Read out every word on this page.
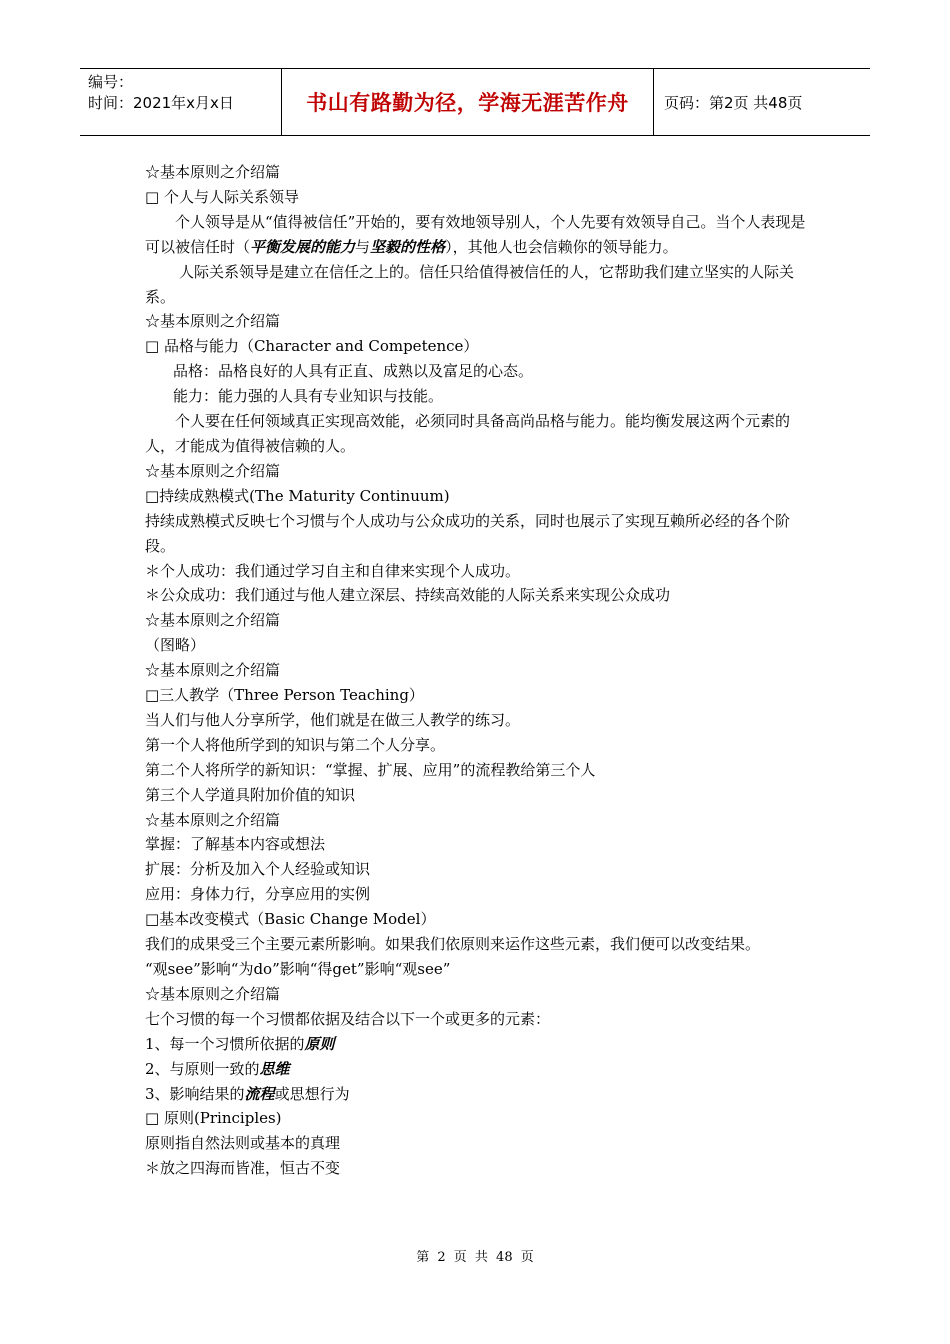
编号：
时间：2021年x月x日	书山有路勤为径，学海无涯苦作舟	页码：第2页 共48页

☆基本原则之介绍篇

□ 个人与人际关系领导

个人领导是从“值得被信任”开始的，要有效地领导别人，个人先要有效领导自己。当个人表现是可以被信任时（平衡发展的能力与坚毅的性格），其他人也会信赖你的领导能力。

人际关系领导是建立在信任之上的。信任只给值得被信任的人，它帮助我们建立坚实的人际关系。

☆基本原则之介绍篇

□ 品格与能力（Character and Competence）

品格：品格良好的人具有正直、成熟以及富足的心态。

能力：能力强的人具有专业知识与技能。

个人要在任何领域真正实现高效能，必须同时具备高尚品格与能力。能均衡发展这两个元素的人，才能成为值得被信赖的人。

☆基本原则之介绍篇

□持续成熟模式(The Maturity Continuum)

持续成熟模式反映七个习惯与个人成功与公众成功的关系，同时也展示了实现互赖所必经的各个阶段。

＊个人成功：我们通过学习自主和自律来实现个人成功。

＊公众成功：我们通过与他人建立深层、持续高效能的人际关系来实现公众成功

☆基本原则之介绍篇

（图略）

☆基本原则之介绍篇

□三人教学（Three Person Teaching）

当人们与他人分享所学，他们就是在做三人教学的练习。

第一个人将他所学到的知识与第二个人分享。

第二个人将所学的新知识：“掌握、扩展、应用”的流程教给第三个人

第三个人学道具附加价值的知识

☆基本原则之介绍篇

掌握：了解基本内容或想法

扩展：分析及加入个人经验或知识

应用：身体力行，分享应用的实例

□基本改变模式（Basic Change Model）

我们的成果受三个主要元素所影响。如果我们依原则来运作这些元素，我们便可以改变结果。

“观see”影响“为do”影响“得get”影响“观see”

☆基本原则之介绍篇

七个习惯的每一个习惯都依据及结合以下一个或更多的元素：

1、每一个习惯所依据的原则

2、与原则一致的思维

3、影响结果的流程或思想行为

□ 原则(Principles)

原则指自然法则或基本的真理

＊放之四海而皆准，恒古不变

第 2 页 共 48 页
